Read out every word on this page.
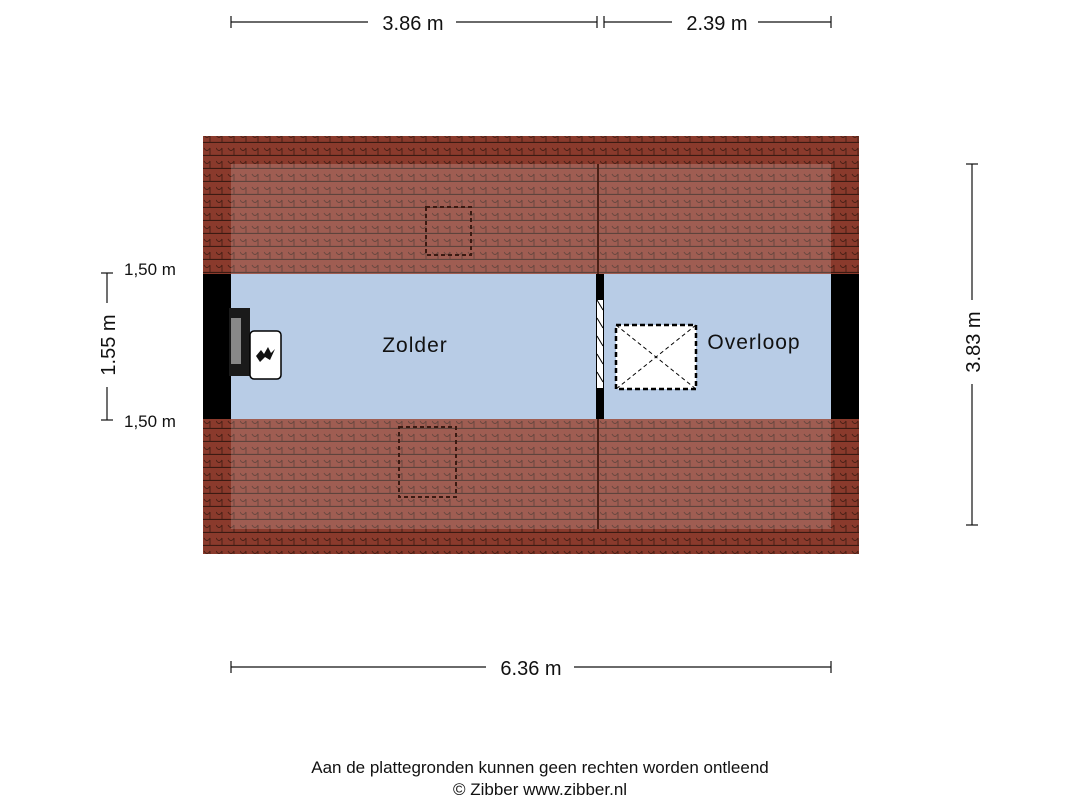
3.86 m	2.39 m
Zolder	Overloop
1.55 m
1,50 m
1,50 m
3.83 m
6.36 m
Aan de plattegronden kunnen geen rechten worden ontleend
© Zibber www.zibber.nl
